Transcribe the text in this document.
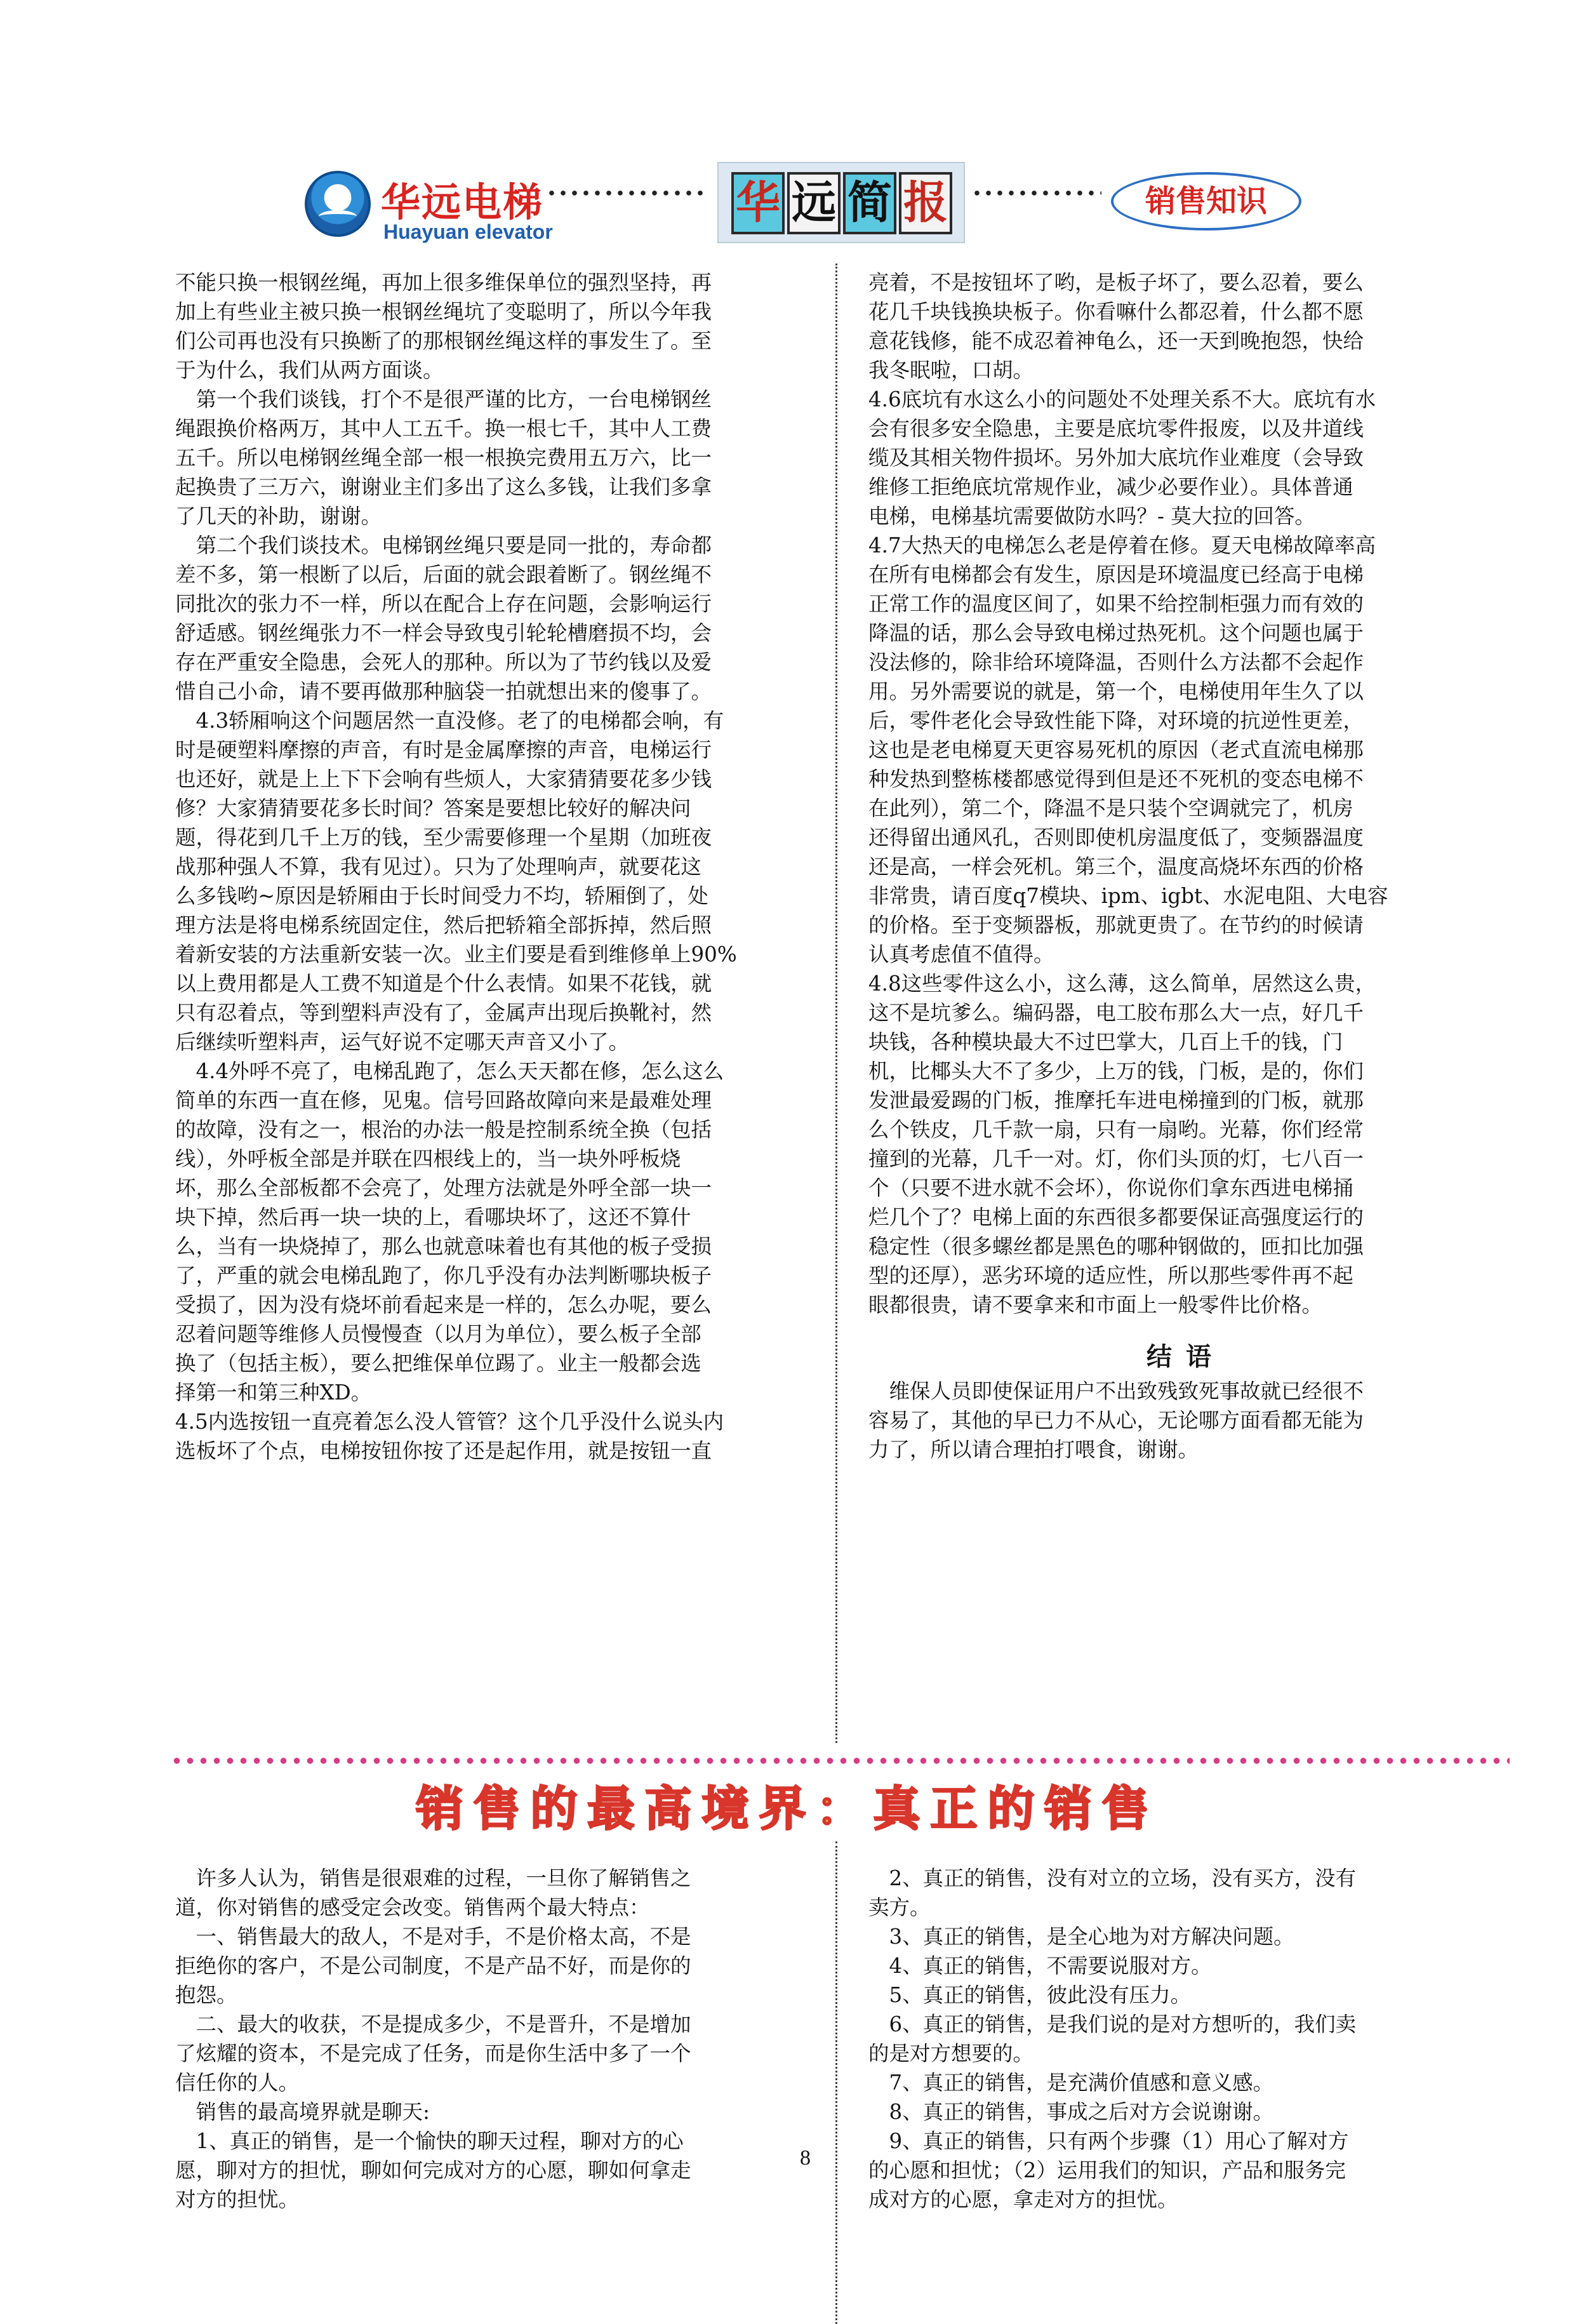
华远电梯
Huayuan elevator
华 远 简 报	销售知识

不能只换一根钢丝绳，再加上很多维保单位的强烈坚持，再

加上有些业主被只换一根钢丝绳坑了变聪明了，所以今年我

们公司再也没有只换断了的那根钢丝绳这样的事发生了。至

于为什么，我们从两方面谈。

　第一个我们谈钱，打个不是很严谨的比方，一台电梯钢丝

绳跟换价格两万，其中人工五千。换一根七千，其中人工费

五千。所以电梯钢丝绳全部一根一根换完费用五万六，比一

起换贵了三万六，谢谢业主们多出了这么多钱，让我们多拿

了几天的补助，谢谢。

　第二个我们谈技术。电梯钢丝绳只要是同一批的，寿命都

差不多，第一根断了以后，后面的就会跟着断了。钢丝绳不

同批次的张力不一样，所以在配合上存在问题，会影响运行

舒适感。钢丝绳张力不一样会导致曳引轮轮槽磨损不均，会

存在严重安全隐患，会死人的那种。所以为了节约钱以及爱

惜自己小命，请不要再做那种脑袋一拍就想出来的傻事了。

　4.3轿厢响这个问题居然一直没修。老了的电梯都会响，有

时是硬塑料摩擦的声音，有时是金属摩擦的声音，电梯运行

也还好，就是上上下下会响有些烦人，大家猜猜要花多少钱

修？大家猜猜要花多长时间？答案是要想比较好的解决问

题，得花到几千上万的钱，至少需要修理一个星期（加班夜

战那种强人不算，我有见过）。只为了处理响声，就要花这

么多钱哟~原因是轿厢由于长时间受力不均，轿厢倒了，处

理方法是将电梯系统固定住，然后把轿箱全部拆掉，然后照

着新安装的方法重新安装一次。业主们要是看到维修单上90%

以上费用都是人工费不知道是个什么表情。如果不花钱，就

只有忍着点，等到塑料声没有了，金属声出现后换靴衬，然

后继续听塑料声，运气好说不定哪天声音又小了。

　4.4外呼不亮了，电梯乱跑了，怎么天天都在修，怎么这么

简单的东西一直在修，见鬼。信号回路故障向来是最难处理

的故障，没有之一，根治的办法一般是控制系统全换（包括

线），外呼板全部是并联在四根线上的，当一块外呼板烧

坏，那么全部板都不会亮了，处理方法就是外呼全部一块一

块下掉，然后再一块一块的上，看哪块坏了，这还不算什

么，当有一块烧掉了，那么也就意味着也有其他的板子受损

了，严重的就会电梯乱跑了，你几乎没有办法判断哪块板子

受损了，因为没有烧坏前看起来是一样的，怎么办呢，要么

忍着问题等维修人员慢慢查（以月为单位），要么板子全部

换了（包括主板），要么把维保单位踢了。业主一般都会选

择第一和第三种XD。

4.5内选按钮一直亮着怎么没人管管？这个几乎没什么说头内

选板坏了个点，电梯按钮你按了还是起作用，就是按钮一直

亮着，不是按钮坏了哟，是板子坏了，要么忍着，要么

花几千块钱换块板子。你看嘛什么都忍着，什么都不愿

意花钱修，能不成忍着神龟么，还一天到晚抱怨，快给

我冬眠啦，口胡。

4.6底坑有水这么小的问题处不处理关系不大。底坑有水

会有很多安全隐患，主要是底坑零件报废，以及井道线

缆及其相关物件损坏。另外加大底坑作业难度（会导致

维修工拒绝底坑常规作业，减少必要作业）。具体普通

电梯，电梯基坑需要做防水吗？- 莫大拉的回答。

4.7大热天的电梯怎么老是停着在修。夏天电梯故障率高

在所有电梯都会有发生，原因是环境温度已经高于电梯

正常工作的温度区间了，如果不给控制柜强力而有效的

降温的话，那么会导致电梯过热死机。这个问题也属于

没法修的，除非给环境降温，否则什么方法都不会起作

用。另外需要说的就是，第一个，电梯使用年生久了以

后，零件老化会导致性能下降，对环境的抗逆性更差，

这也是老电梯夏天更容易死机的原因（老式直流电梯那

种发热到整栋楼都感觉得到但是还不死机的变态电梯不

在此列），第二个，降温不是只装个空调就完了，机房

还得留出通风孔，否则即使机房温度低了，变频器温度

还是高，一样会死机。第三个，温度高烧坏东西的价格

非常贵，请百度q7模块、ipm、igbt、水泥电阻、大电容

的价格。至于变频器板，那就更贵了。在节约的时候请

认真考虑值不值得。

4.8这些零件这么小，这么薄，这么简单，居然这么贵，

这不是坑爹么。编码器，电工胶布那么大一点，好几千

块钱，各种模块最大不过巴掌大，几百上千的钱，门

机，比椰头大不了多少，上万的钱，门板，是的，你们

发泄最爱踢的门板，推摩托车进电梯撞到的门板，就那

么个铁皮，几千款一扇，只有一扇哟。光幕，你们经常

撞到的光幕，几千一对。灯，你们头顶的灯，七八百一

个（只要不进水就不会坏），你说你们拿东西进电梯捅

烂几个了？电梯上面的东西很多都要保证高强度运行的

稳定性（很多螺丝都是黑色的哪种钢做的，匝扣比加强

型的还厚），恶劣环境的适应性，所以那些零件再不起

眼都很贵，请不要拿来和市面上一般零件比价格。

结语

　维保人员即使保证用户不出致残致死事故就已经很不

容易了，其他的早已力不从心，无论哪方面看都无能为

力了，所以请合理拍打喂食，谢谢。

销售的最高境界：真正的销售

　许多人认为，销售是很艰难的过程，一旦你了解销售之

道，你对销售的感受定会改变。销售两个最大特点：

　一、销售最大的敌人，不是对手，不是价格太高，不是

拒绝你的客户，不是公司制度，不是产品不好，而是你的

抱怨。

　二、最大的收获，不是提成多少，不是晋升，不是增加

了炫耀的资本，不是完成了任务，而是你生活中多了一个

信任你的人。

　销售的最高境界就是聊天:

　1、真正的销售，是一个愉快的聊天过程，聊对方的心

愿，聊对方的担忧，聊如何完成对方的心愿，聊如何拿走

对方的担忧。

　2、真正的销售，没有对立的立场，没有买方，没有

卖方。

　3、真正的销售，是全心地为对方解决问题。

　4、真正的销售，不需要说服对方。

　5、真正的销售，彼此没有压力。

　6、真正的销售，是我们说的是对方想听的，我们卖

的是对方想要的。

　7、真正的销售，是充满价值感和意义感。

　8、真正的销售，事成之后对方会说谢谢。

　9、真正的销售，只有两个步骤（1）用心了解对方

的心愿和担忧；（2）运用我们的知识，产品和服务完

成对方的心愿，拿走对方的担忧。

8
